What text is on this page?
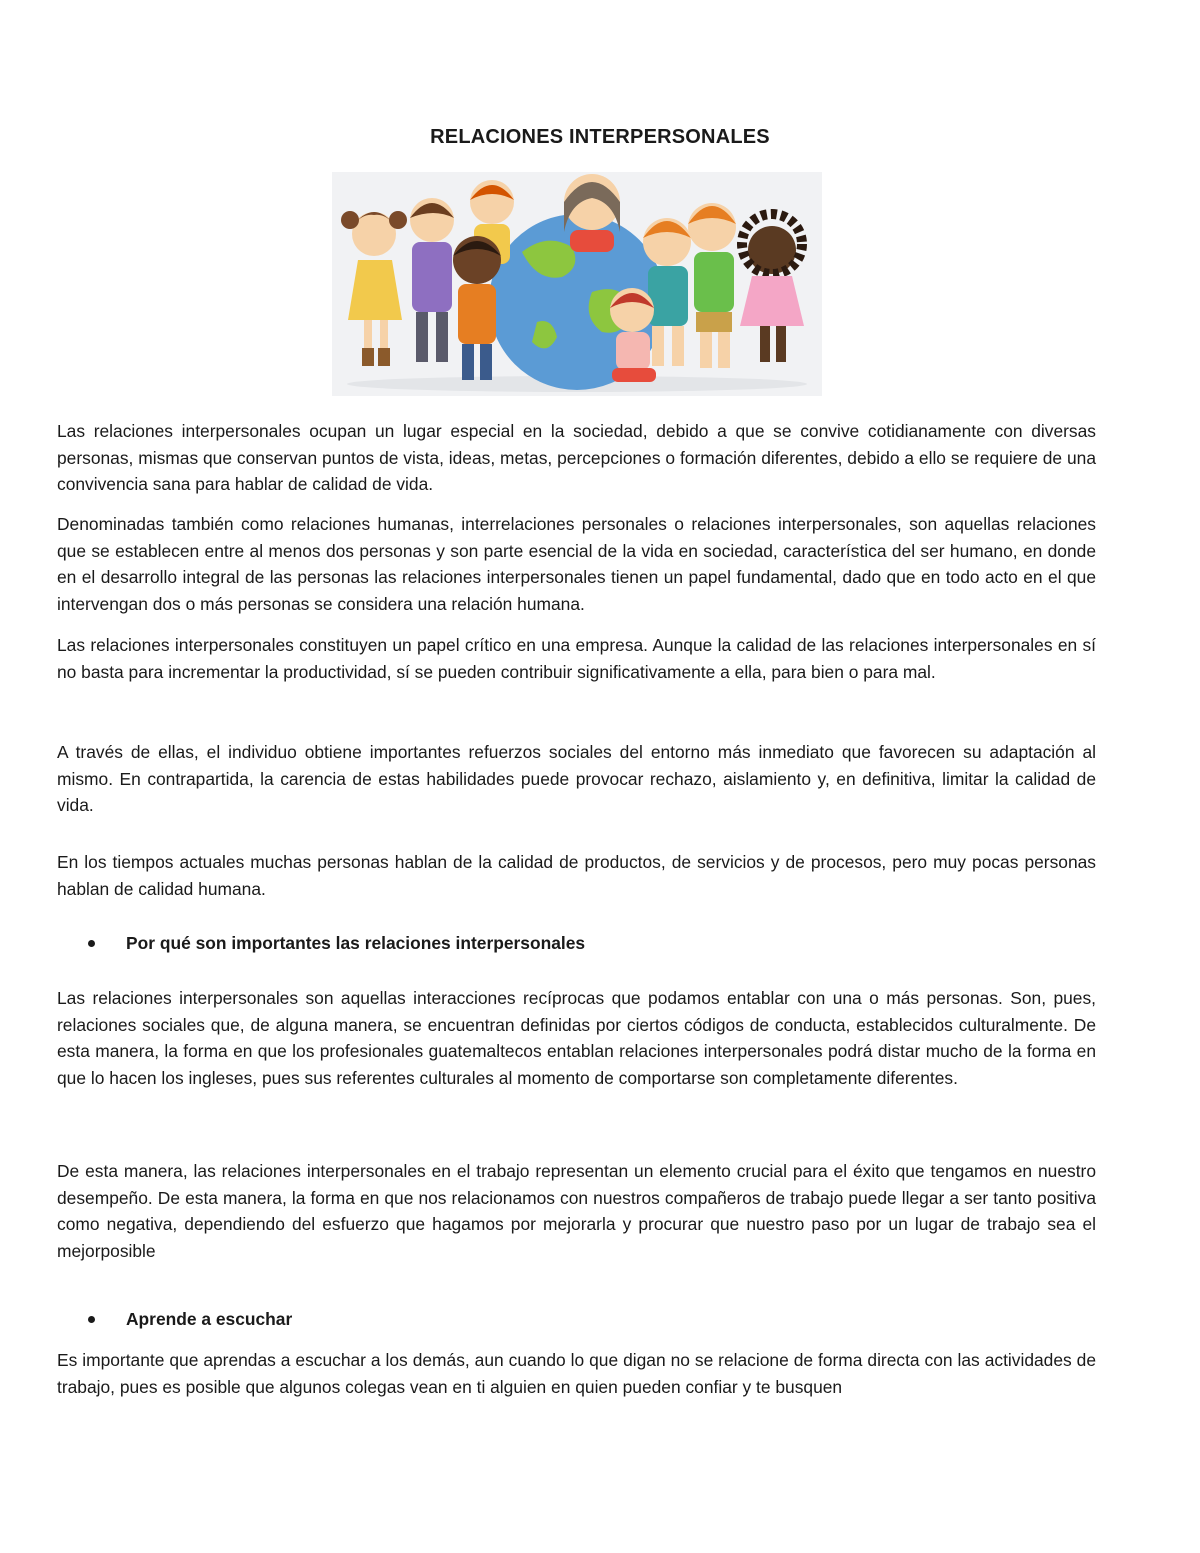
RELACIONES INTERPERSONALES

Las relaciones interpersonales ocupan un lugar especial en la sociedad, debido a que se convive cotidianamente con diversas personas, mismas que conservan puntos de vista, ideas, metas, percepciones o formación diferentes, debido a ello se requiere de una convivencia sana para hablar de calidad de vida.

Denominadas también como relaciones humanas, interrelaciones personales o relaciones interpersonales, son aquellas relaciones que se establecen entre al menos dos personas y son parte esencial de la vida en sociedad, característica del ser humano, en donde en el desarrollo integral de las personas las relaciones interpersonales tienen un papel fundamental, dado que en todo acto en el que intervengan dos o más personas se considera una relación humana.

Las relaciones interpersonales constituyen un papel crítico en una empresa. Aunque la calidad de las relaciones interpersonales en sí no basta para incrementar la productividad, sí se pueden contribuir significativamente a ella, para bien o para mal.

A través de ellas, el individuo obtiene importantes refuerzos sociales del entorno más inmediato que favorecen su adaptación al mismo. En contrapartida, la carencia de estas habilidades puede provocar rechazo, aislamiento y, en definitiva, limitar la calidad de vida.

En los tiempos actuales muchas personas hablan de la calidad de productos, de servicios y de procesos, pero muy pocas personas hablan de calidad humana.

Por qué son importantes las relaciones interpersonales

Las relaciones interpersonales son aquellas interacciones recíprocas que podamos entablar con una o más personas. Son, pues, relaciones sociales que, de alguna manera, se encuentran definidas por ciertos códigos de conducta, establecidos culturalmente. De esta manera, la forma en que los profesionales guatemaltecos entablan relaciones interpersonales podrá distar mucho de la forma en que lo hacen los ingleses, pues sus referentes culturales al momento de comportarse son completamente diferentes.

De esta manera, las relaciones interpersonales en el trabajo representan un elemento crucial para el éxito que tengamos en nuestro desempeño. De esta manera, la forma en que nos relacionamos con nuestros compañeros de trabajo puede llegar a ser tanto positiva como negativa, dependiendo del esfuerzo que hagamos por mejorarla y procurar que nuestro paso por un lugar de trabajo sea el mejorposible

Aprende a escuchar

Es importante que aprendas a escuchar a los demás, aun cuando lo que digan no se relacione de forma directa con las actividades de trabajo, pues es posible que algunos colegas vean en ti alguien en quien pueden confiar y te busquen
